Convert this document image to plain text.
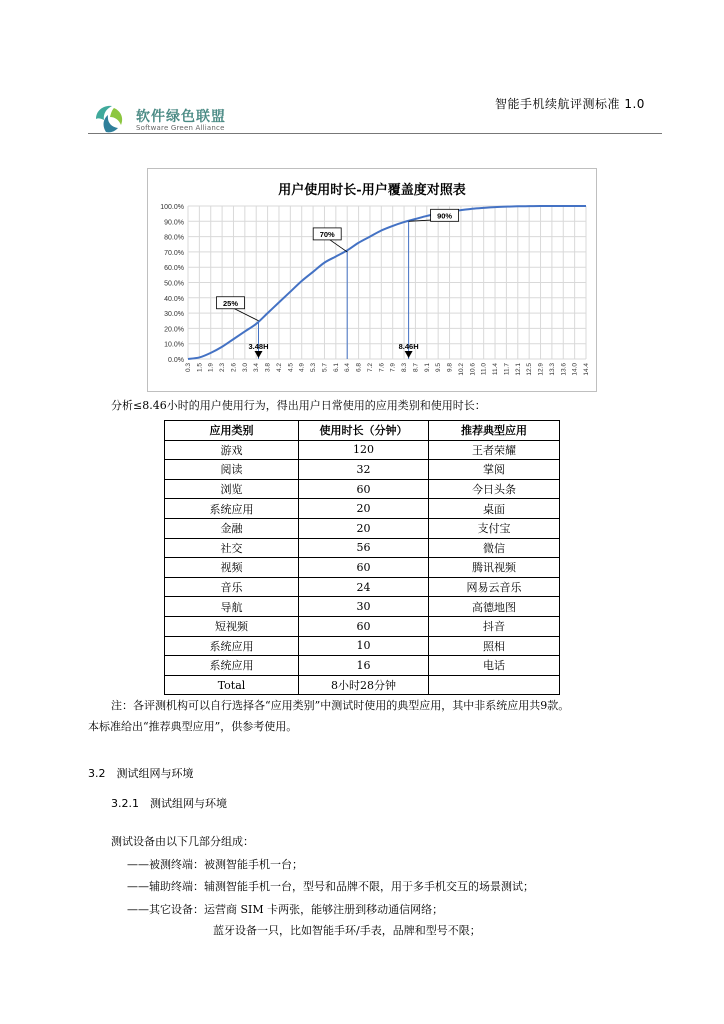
软件绿色联盟
Software Green Alliance
智能手机续航评测标准 1.0
用户使用时长-用户覆盖度对照表
0.0%
10.0%
20.0%
30.0%
40.0%
50.0%
60.0%
70.0%
80.0%
90.0%
100.0%
0.3 1.5 1.9 2.3 2.6 3.0 3.4 3.8 4.2 4.5 4.9 5.3 5.7 6.1 6.4 6.8 7.2 7.6 7.9 8.3 8.7 9.1 9.5 9.8 10.2 10.6 11.0 11.4 11.7 12.1 12.5 12.9 13.3 13.6 14.0 14.4
25%
70%
90%
3.48H	8.46H
分析≤8.46小时的用户使用行为，得出用户日常使用的应用类别和使用时长：
应用类别	使用时长（分钟）	推荐典型应用
游戏	120	王者荣耀
阅读	32	掌阅
浏览	60	今日头条
系统应用	20	桌面
金融	20	支付宝
社交	56	微信
视频	60	腾讯视频
音乐	24	网易云音乐
导航	30	高德地图
短视频	60	抖音
系统应用	10	照相
系统应用	16	电话
Total	8小时28分钟	
注：各评测机构可以自行选择各“应用类别”中测试时使用的典型应用，其中非系统应用共9款。
本标准给出“推荐典型应用”，供参考使用。
3.2　测试组网与环境
3.2.1　测试组网与环境
测试设备由以下几部分组成：
——被测终端：被测智能手机一台；
——辅助终端：辅测智能手机一台，型号和品牌不限，用于多手机交互的场景测试；
——其它设备：运营商 SIM 卡两张，能够注册到移动通信网络；
蓝牙设备一只，比如智能手环/手表，品牌和型号不限；
